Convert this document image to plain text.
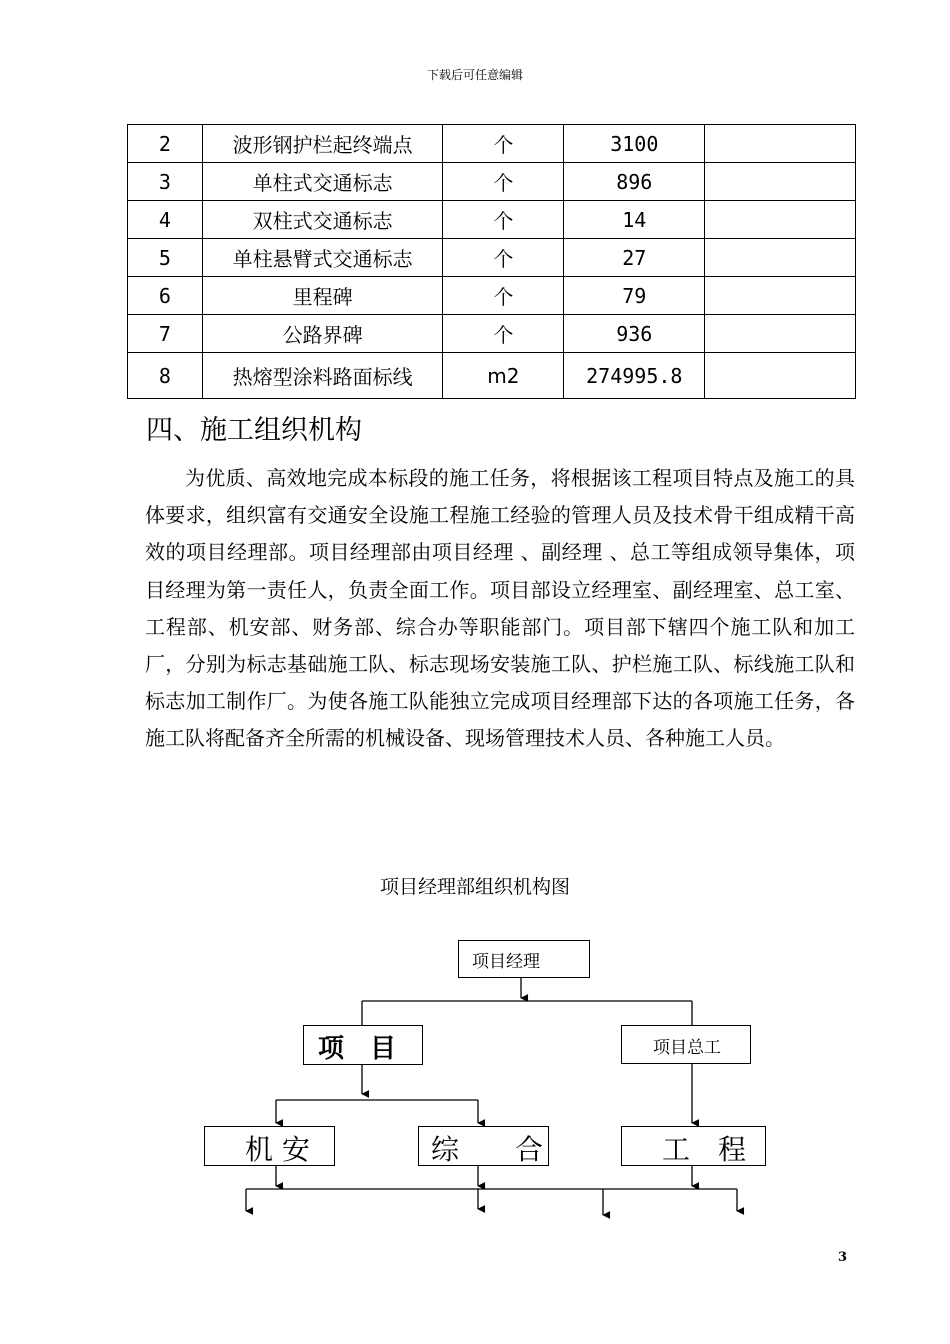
下载后可任意编辑
2	波形钢护栏起终端点	个	3100	
3	单柱式交通标志	个	896	
4	双柱式交通标志	个	14	
5	单柱悬臂式交通标志	个	27	
6	里程碑	个	79	
7	公路界碑	个	936	
8	热熔型涂料路面标线	m2	274995.8	
四、施工组织机构
为优质、高效地完成本标段的施工任务，将根据该工程项目特点及施工的具体要求，组织富有交通安全设施工程施工经验的管理人员及技术骨干组成精干高效的项目经理部。项目经理部由项目经理 、副经理 、总工等组成领导集体，项目经理为第一责任人，负责全面工作。项目部设立经理室、副经理室、总工室、工程部、机安部、财务部、综合办等职能部门。项目部下辖四个施工队和加工厂，分别为标志基础施工队、标志现场安装施工队、护栏施工队、标线施工队和标志加工制作厂。为使各施工队能独立完成项目经理部下达的各项施工任务，各施工队将配备齐全所需的机械设备、现场管理技术人员、各种施工人员。
项目经理部组织机构图
项目经理
项　目	项目总工
机 安	综　　合	工　程
3
